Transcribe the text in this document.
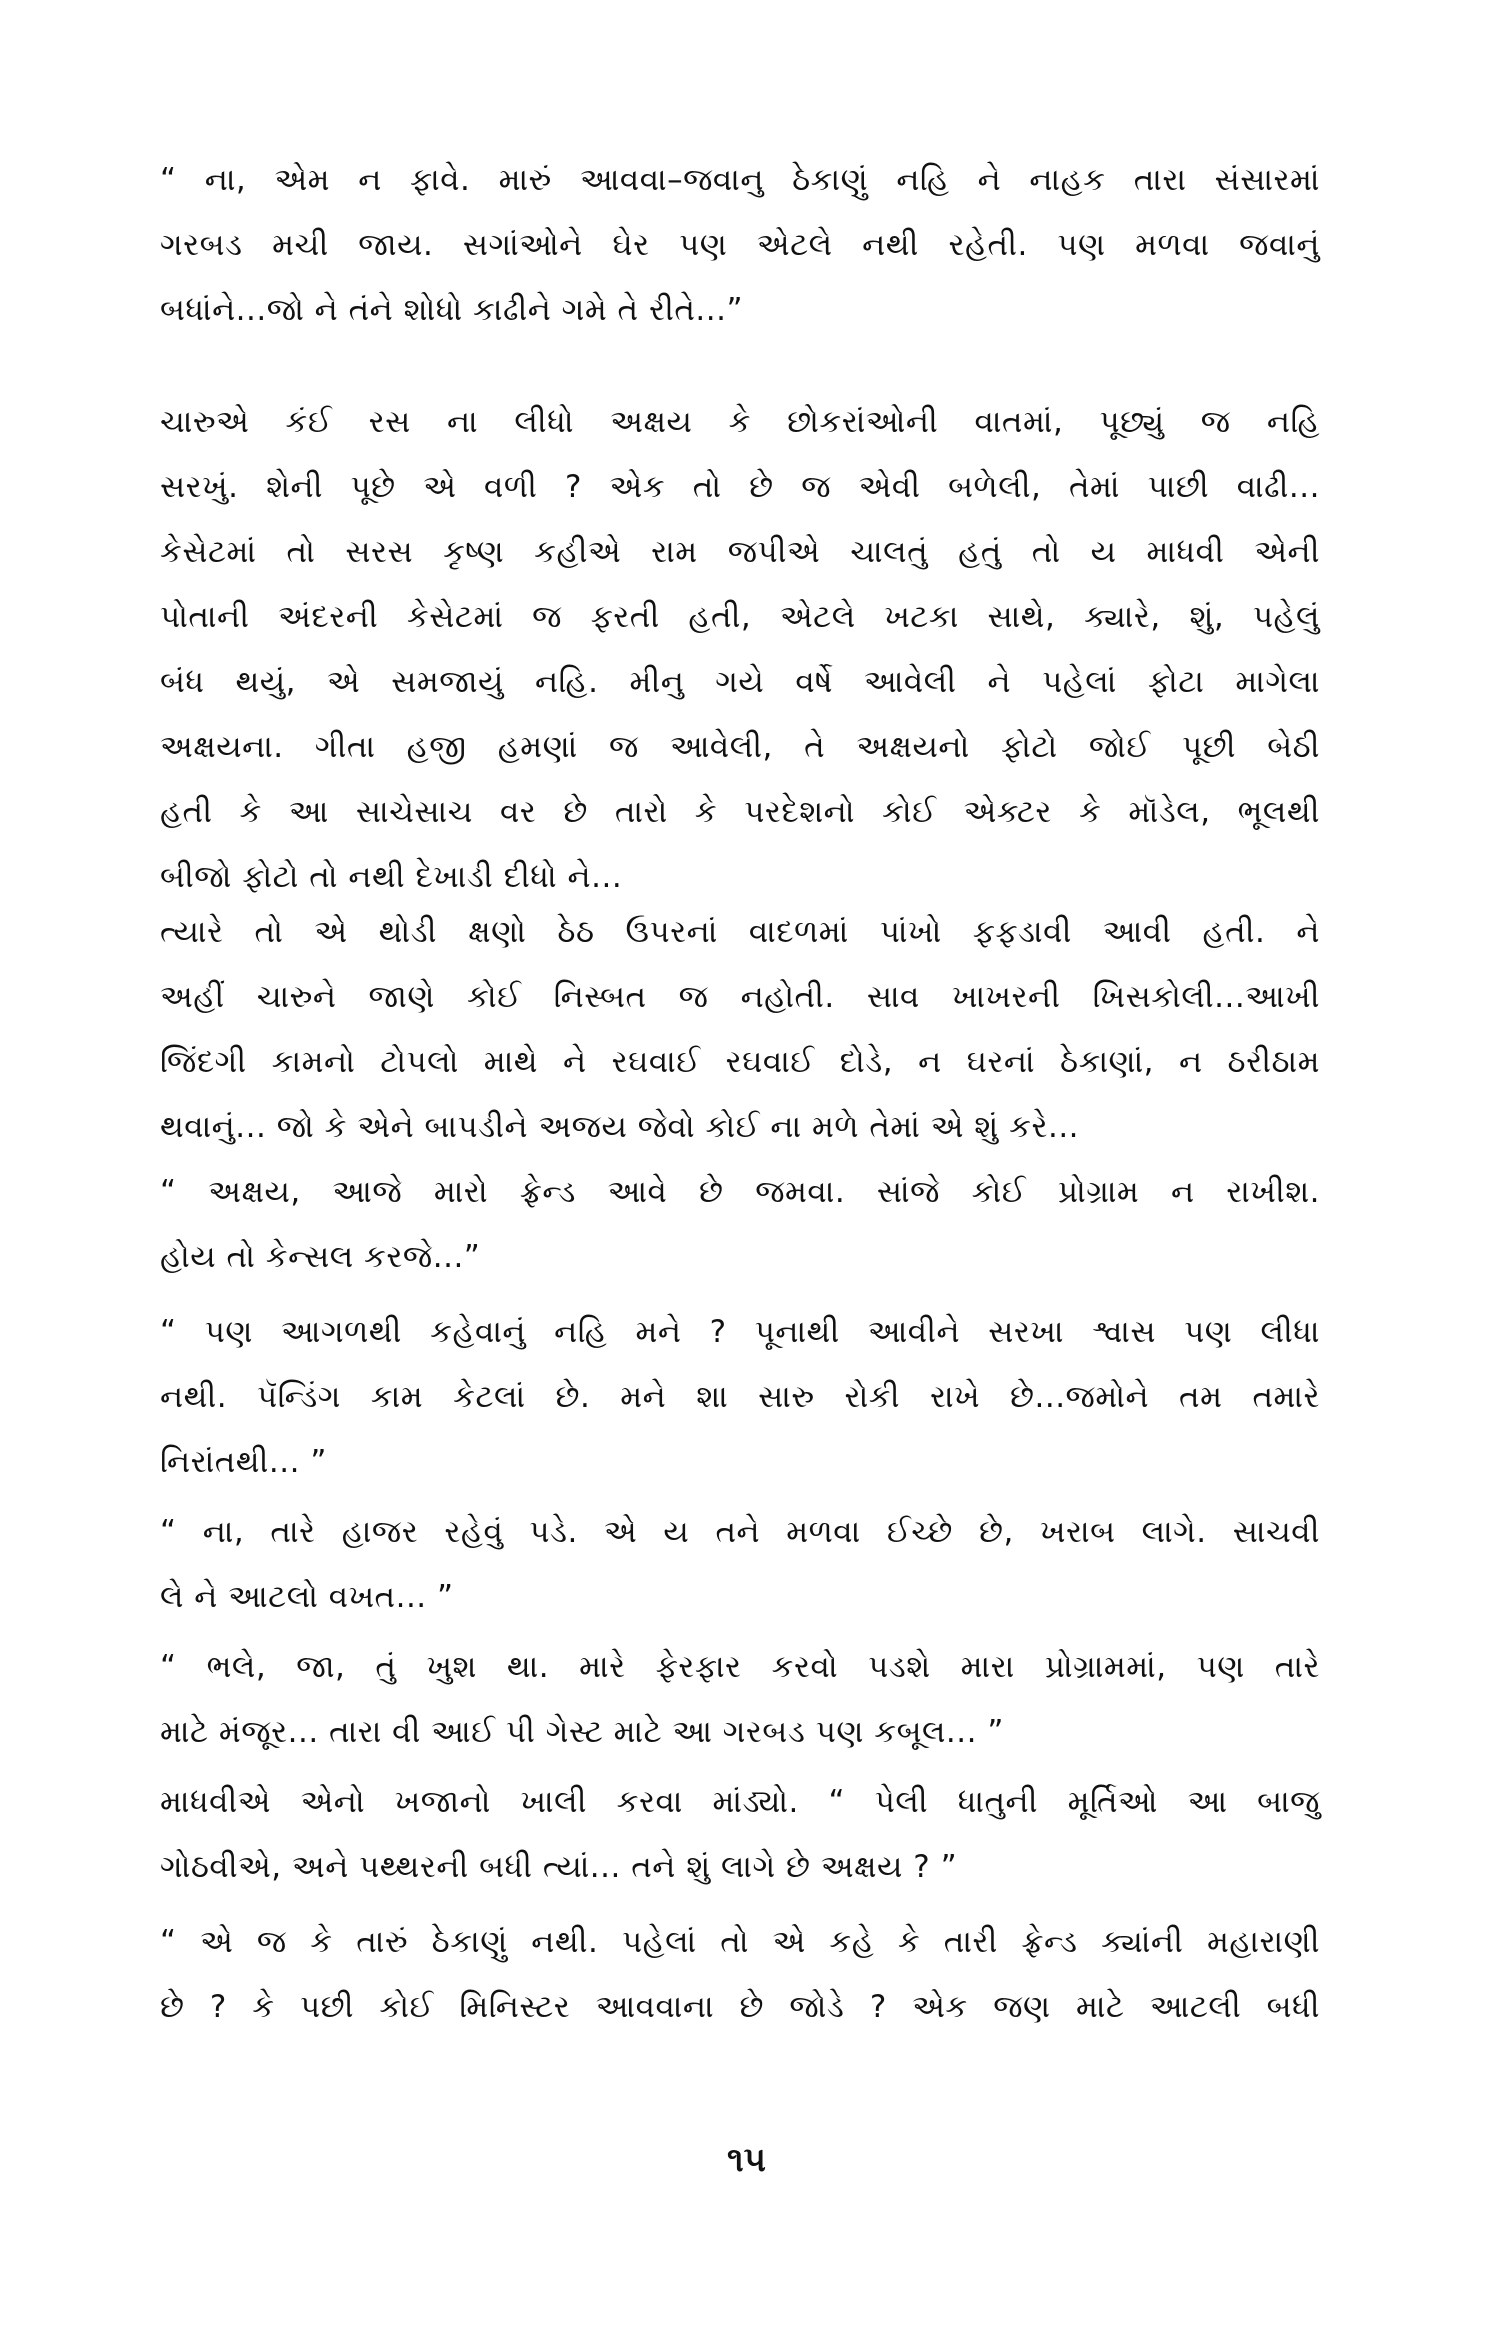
“ ના, એમ ન ફાવે. મારું આવવા–જવાનુ ઠેકાણું નહિ ને નાહક તારા સંસારમાં
ગરબડ મચી જાય. સગાંઓને ઘેર પણ એટલે નથી રહેતી. પણ મળવા જવાનું
બધાંને...જો ને તંને શોધો કાઢીને ગમે તે રીતે...”

ચારુએ કંઈ રસ ના લીધો અક્ષય કે છોકરાંઓની વાતમાં, પૂછ્યું જ નહિ
સરખું. શેની પૂછે એ વળી ? એક તો છે જ એવી બળેલી, તેમાં પાછી વાઢી...
કેસેટમાં તો સરસ કૃષ્ણ કહીએ રામ જપીએ ચાલતું હતું તો ય માધવી એની
પોતાની અંદરની કેસેટમાં જ ફરતી હતી, એટલે ખટકા સાથે, ક્યારે, શું, પહેલું
બંધ થયું, એ સમજાયું નહિ. મીનુ ગયે વર્ષે આવેલી ને પહેલાં ફોટા માગેલા
અક્ષયના. ગીતા હજી હમણાં જ આવેલી, તે અક્ષયનો ફોટો જોઈ પૂછી બેઠી
હતી કે આ સાચેસાચ વર છે તારો કે પરદેશનો કોઈ એક્ટર કે મૉડેલ, ભૂલથી
બીજો ફોટો તો નથી દેખાડી દીધો ને...

ત્યારે તો એ થોડી ક્ષણો ઠેઠ ઉપરનાં વાદળમાં પાંખો ફફડાવી આવી હતી. ને
અહીં ચારુને જાણે કોઈ નિસ્બત જ નહોતી. સાવ ખાખરની ખિસકોલી...આખી
જિંદગી કામનો ટોપલો માથે ને રઘવાઈ રઘવાઈ દોડે, ન ઘરનાં ઠેકાણાં, ન ઠરીઠામ
થવાનું... જો કે એને બાપડીને અજય જેવો કોઈ ના મળે તેમાં એ શું કરે...

“ અક્ષય, આજે મારો ફ્રેન્ડ આવે છે જમવા. સાંજે કોઈ પ્રોગ્રામ ન રાખીશ.
હોય તો કેન્સલ કરજે...”

“ પણ આગળથી કહેવાનું નહિ મને ? પૂનાથી આવીને સરખા શ્વાસ પણ લીધા
નથી. પૅન્ડિંગ કામ કેટલાં છે. મને શા સારુ રોકી રાખે છે...જમોને તમ તમારે
નિરાંતથી... ”

“ ના, તારે હાજર રહેવું પડે. એ ય તને મળવા ઈચ્છે છે, ખરાબ લાગે. સાચવી
લે ને આટલો વખત... ”

“ ભલે, જા, તું ખુશ થા. મારે ફેરફાર કરવો પડશે મારા પ્રોગ્રામમાં, પણ તારે
માટે મંજૂર... તારા વી આઈ પી ગેસ્ટ માટે આ ગરબડ પણ કબૂલ... ”

માધવીએ એનો ખજાનો ખાલી કરવા માંડ્યો. “ પેલી ધાતુની મૂર્તિઓ આ બાજુ
ગોઠવીએ, અને પથ્થરની બધી ત્યાં... તને શું લાગે છે અક્ષય ? ”

“ એ જ કે તારું ઠેકાણું નથી. પહેલાં તો એ કહે કે તારી ફ્રેન્ડ ક્યાંની મહારાણી
છે ? કે પછી કોઈ મિનિસ્ટર આવવાના છે જોડે ? એક જણ માટે આટલી બધી

૧૫
